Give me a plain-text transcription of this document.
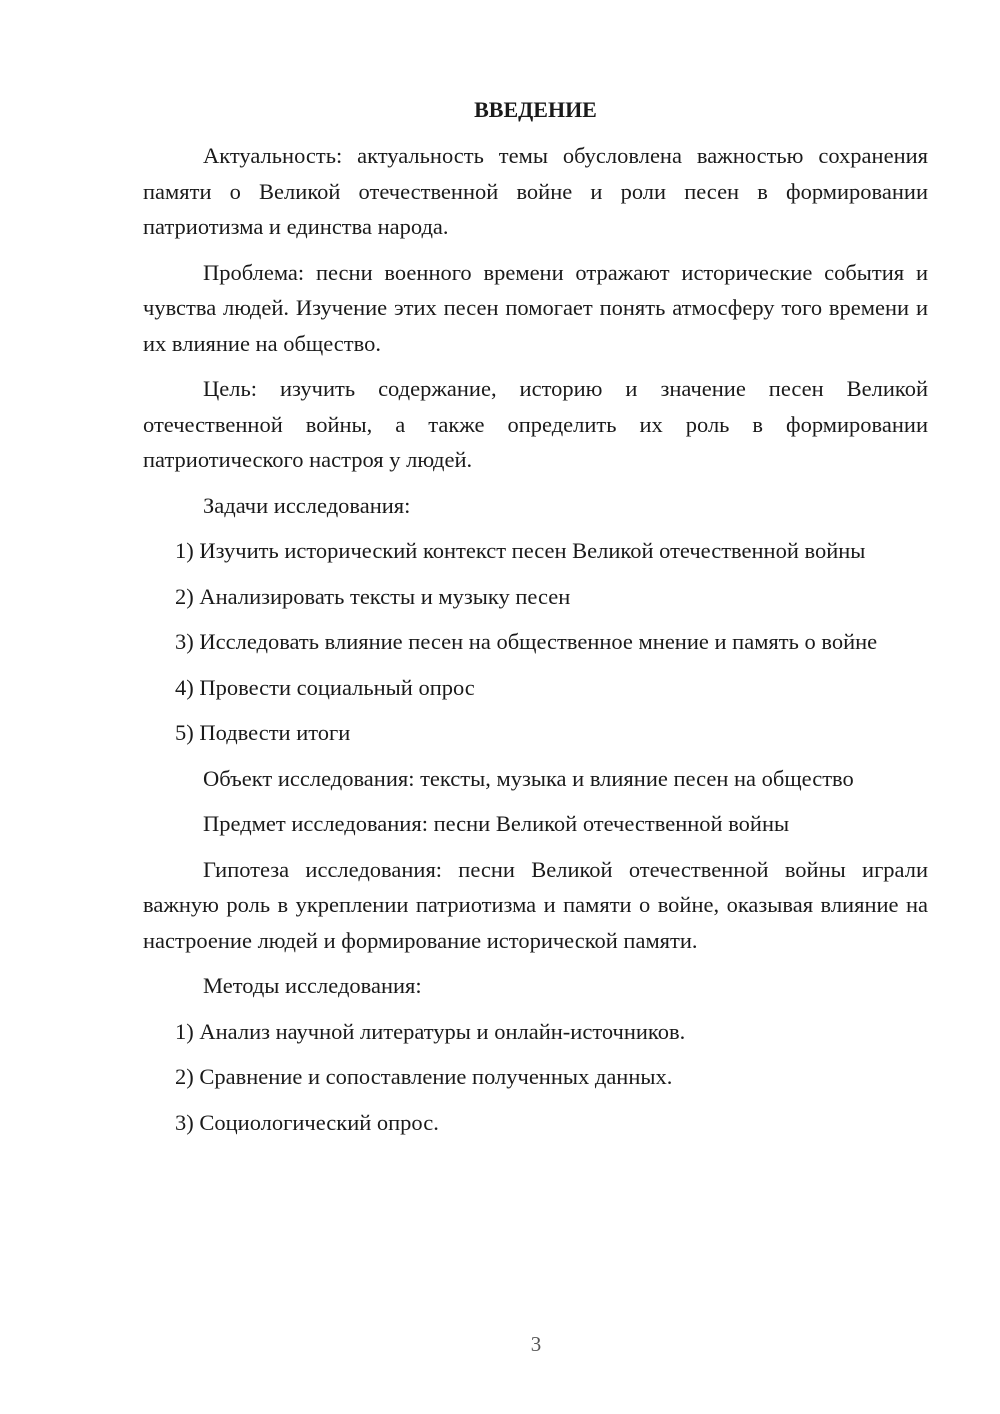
ВВЕДЕНИЕ

Актуальность: актуальность темы обусловлена важностью сохранения памяти о Великой отечественной войне и роли песен в формировании патриотизма и единства народа.

Проблема: песни военного времени отражают исторические события и чувства людей. Изучение этих песен помогает понять атмосферу того времени и их влияние на общество.

Цель: изучить содержание, историю и значение песен Великой отечественной войны, а также определить их роль в формировании патриотического настроя у людей.

Задачи исследования:

1) Изучить исторический контекст песен Великой отечественной войны

2) Анализировать тексты и музыку песен

3) Исследовать влияние песен на общественное мнение и память о войне

4) Провести социальный опрос

5) Подвести итоги

Объект исследования: тексты, музыка и влияние песен на общество

Предмет исследования: песни Великой отечественной войны

Гипотеза исследования: песни Великой отечественной войны играли важную роль в укреплении патриотизма и памяти о войне, оказывая влияние на настроение людей и формирование исторической памяти.

Методы исследования:

1) Анализ научной литературы и онлайн-источников.

2) Сравнение и сопоставление полученных данных.

3) Социологический опрос.

3
